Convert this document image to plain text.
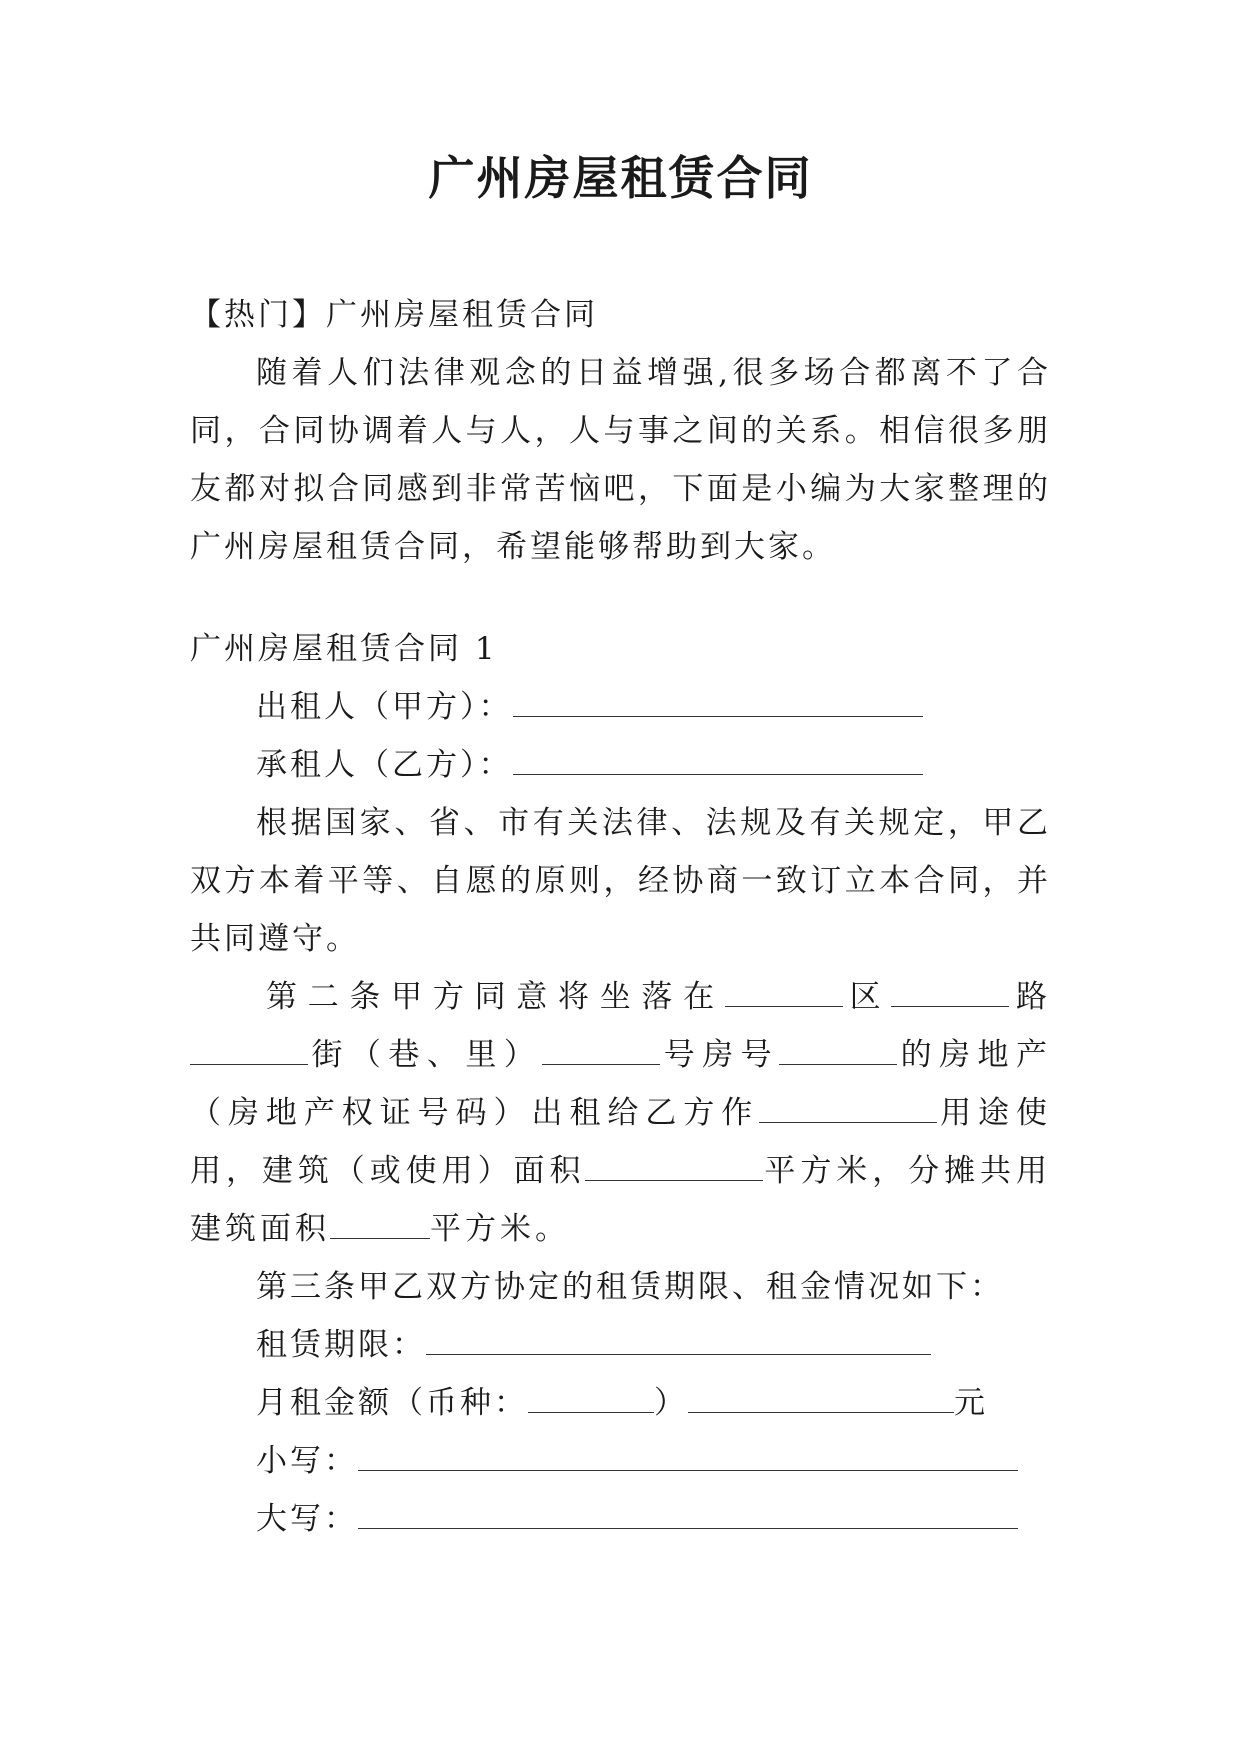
广州房屋租赁合同

【热门】广州房屋租赁合同

随着人们法律观念的日益增强,很多场合都离不了合同，合同协调着人与人，人与事之间的关系。相信很多朋友都对拟合同感到非常苦恼吧，下面是小编为大家整理的广州房屋租赁合同，希望能够帮助到大家。

广州房屋租赁合同 1

出租人（甲方）：

承租人（乙方）：

根据国家、省、市有关法律、法规及有关规定，甲乙双方本着平等、自愿的原则，经协商一致订立本合同，并共同遵守。

第二条甲方同意将坐落在	区	路街（巷、里）	号房号	的房地产（房地产权证号码）出租给乙方作	用途使用，建筑（或使用）面积	平方米，分摊共用建筑面积	平方米。

第三条甲乙双方协定的租赁期限、租金情况如下：

租赁期限：

月租金额（币种：	）	元

小写：

大写：
